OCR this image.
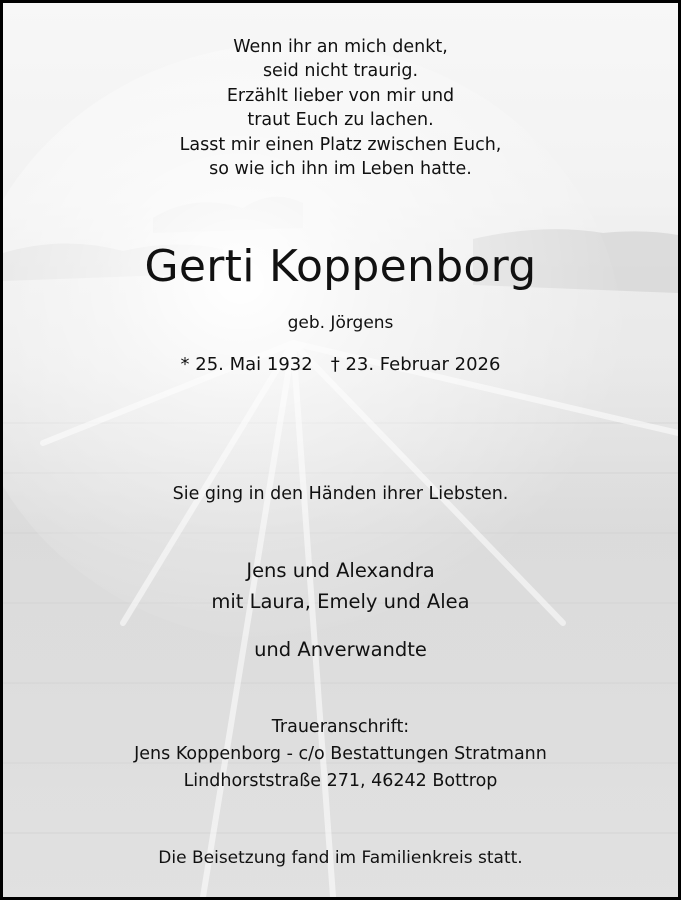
Wenn ihr an mich denkt,
seid nicht traurig.
Erzählt lieber von mir und
traut Euch zu lachen.
Lasst mir einen Platz zwischen Euch,
so wie ich ihn im Leben hatte.
Gerti Koppenborg
geb. Jörgens
* 25. Mai 1932 † 23. Februar 2026
Sie ging in den Händen ihrer Liebsten.
Jens und Alexandra
mit Laura, Emely und Alea
und Anverwandte
Traueranschrift:
Jens Koppenborg - c/o Bestattungen Stratmann
Lindhorststraße 271, 46242 Bottrop
Die Beisetzung fand im Familienkreis statt.
